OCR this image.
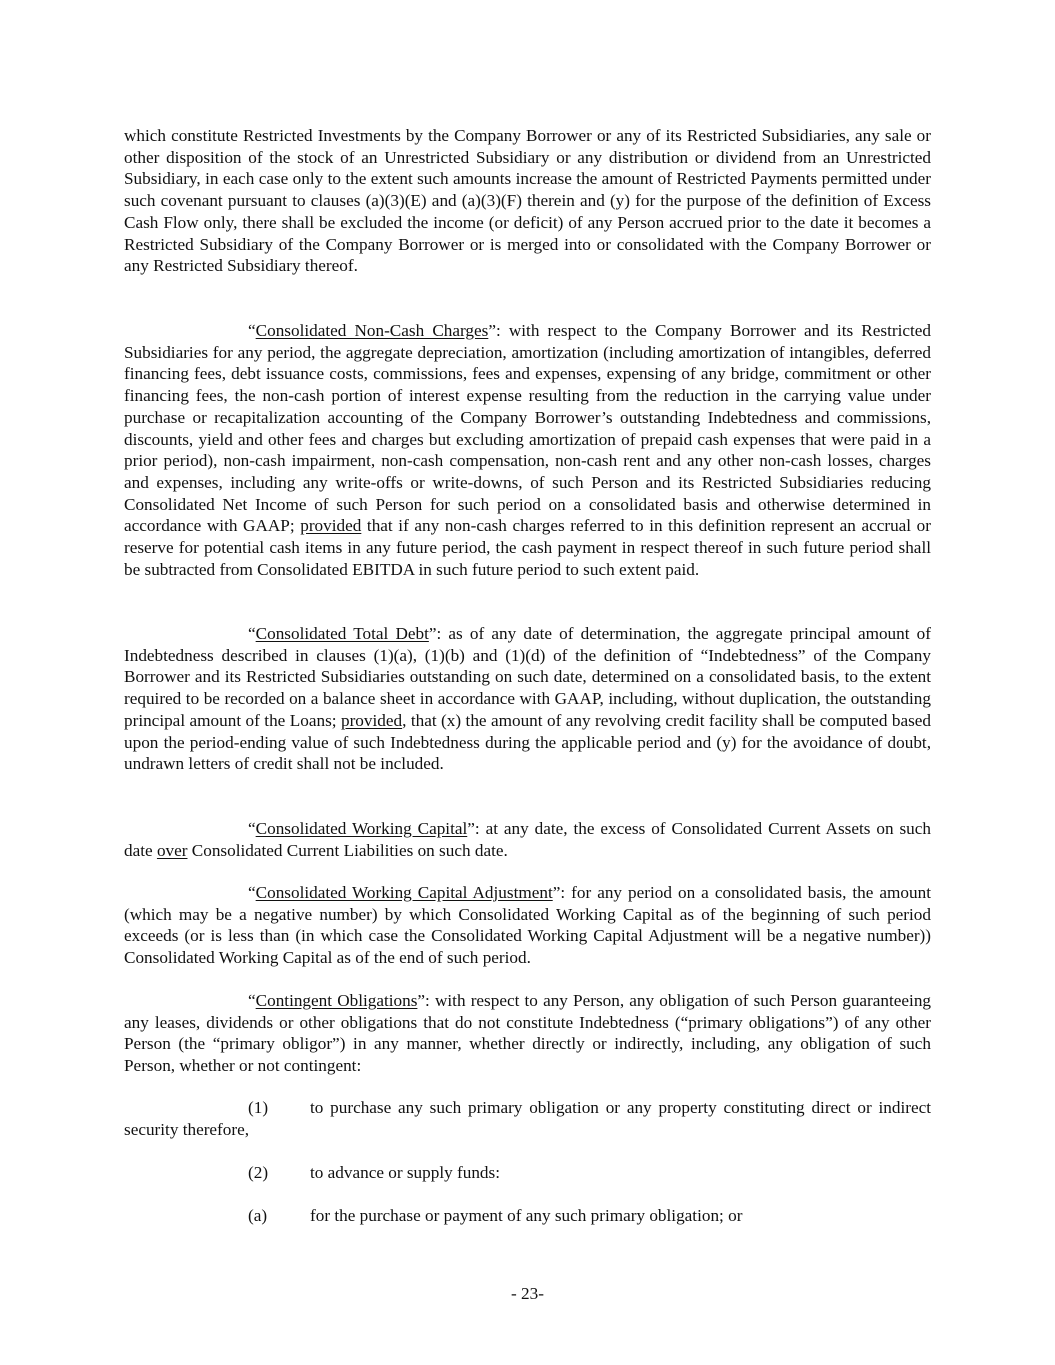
which constitute Restricted Investments by the Company Borrower or any of its Restricted Subsidiaries, any sale or other disposition of the stock of an Unrestricted Subsidiary or any distribution or dividend from an Unrestricted Subsidiary, in each case only to the extent such amounts increase the amount of Restricted Payments permitted under such covenant pursuant to clauses (a)(3)(E) and (a)(3)(F) therein and (y) for the purpose of the definition of Excess Cash Flow only, there shall be excluded the income (or deficit) of any Person accrued prior to the date it becomes a Restricted Subsidiary of the Company Borrower or is merged into or consolidated with the Company Borrower or any Restricted Subsidiary thereof.

“Consolidated Non-Cash Charges”: with respect to the Company Borrower and its Restricted Subsidiaries for any period, the aggregate depreciation, amortization (including amortization of intangibles, deferred financing fees, debt issuance costs, commissions, fees and expenses, expensing of any bridge, commitment or other financing fees, the non-cash portion of interest expense resulting from the reduction in the carrying value under purchase or recapitalization accounting of the Company Borrower’s outstanding Indebtedness and commissions, discounts, yield and other fees and charges but excluding amortization of prepaid cash expenses that were paid in a prior period), non-cash impairment, non-cash compensation, non-cash rent and any other non-cash losses, charges and expenses, including any write-offs or write-downs, of such Person and its Restricted Subsidiaries reducing Consolidated Net Income of such Person for such period on a consolidated basis and otherwise determined in accordance with GAAP; provided that if any non-cash charges referred to in this definition represent an accrual or reserve for potential cash items in any future period, the cash payment in respect thereof in such future period shall be subtracted from Consolidated EBITDA in such future period to such extent paid.

“Consolidated Total Debt”: as of any date of determination, the aggregate principal amount of Indebtedness described in clauses (1)(a), (1)(b) and (1)(d) of the definition of “Indebtedness” of the Company Borrower and its Restricted Subsidiaries outstanding on such date, determined on a consolidated basis, to the extent required to be recorded on a balance sheet in accordance with GAAP, including, without duplication, the outstanding principal amount of the Loans; provided, that (x) the amount of any revolving credit facility shall be computed based upon the period-ending value of such Indebtedness during the applicable period and (y) for the avoidance of doubt, undrawn letters of credit shall not be included.

“Consolidated Working Capital”: at any date, the excess of Consolidated Current Assets on such date over Consolidated Current Liabilities on such date.

“Consolidated Working Capital Adjustment”: for any period on a consolidated basis, the amount (which may be a negative number) by which Consolidated Working Capital as of the beginning of such period exceeds (or is less than (in which case the Consolidated Working Capital Adjustment will be a negative number)) Consolidated Working Capital as of the end of such period.

“Contingent Obligations”: with respect to any Person, any obligation of such Person guaranteeing any leases, dividends or other obligations that do not constitute Indebtedness (“primary obligations”) of any other Person (the “primary obligor”) in any manner, whether directly or indirectly, including, any obligation of such Person, whether or not contingent:

(1) to purchase any such primary obligation or any property constituting direct or indirect security therefore,

(2) to advance or supply funds:
(a) for the purchase or payment of any such primary obligation; or

- 23-
